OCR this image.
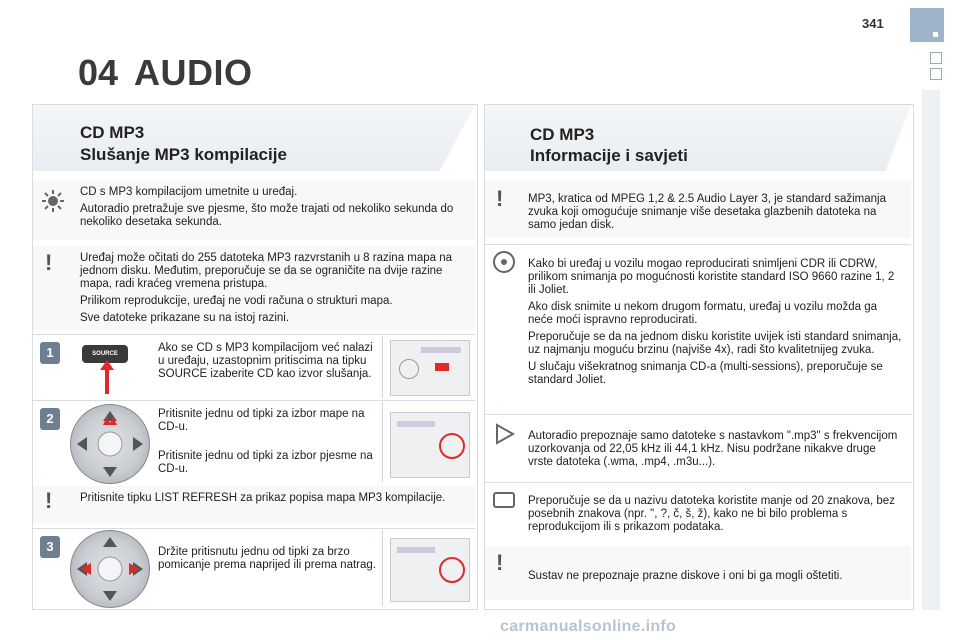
341
04 AUDIO
CD MP3
Slušanje MP3 kompilacije

CD s MP3 kompilacijom umetnite u uređaj.

Autoradio pretražuje sve pjesme, što može trajati od nekoliko sekunda do nekoliko desetaka sekunda.

! Uređaj može očitati do 255 datoteka MP3 razvrstanih u 8 razina mapa na jednom disku. Međutim, preporučuje se da se ograničite na dvije razine mapa, radi kraćeg vremena pristupa.

Prilikom reprodukcije, uređaj ne vodi računa o strukturi mapa.

Sve datoteke prikazane su na istoj razini.

1	SOURCE	Ako se CD s MP3 kompilacijom već nalazi u uređaju, uzastopnim pritiscima na tipku SOURCE izaberite CD kao izvor slušanja.
2	Pritisnite jednu od tipki za izbor mape na CD-u.
Pritisnite jednu od tipki za izbor pjesme na CD-u.
! Pritisnite tipku LIST REFRESH za prikaz popisa mapa MP3 kompilacije.
3	Držite pritisnutu jednu od tipki za brzo pomicanje prema naprijed ili prema natrag.
CD MP3
Informacije i savjeti
! MP3, kratica od MPEG 1,2 & 2.5 Audio Layer 3, je standard sažimanja zvuka koji omogućuje snimanje više desetaka glazbenih datoteka na samo jedan disk.

Kako bi uređaj u vozilu mogao reproducirati snimljeni CDR ili CDRW, prilikom snimanja po mogućnosti koristite standard ISO 9660 razine 1, 2 ili Joliet.

Ako disk snimite u nekom drugom formatu, uređaj u vozilu možda ga neće moći ispravno reproducirati.

Preporučuje se da na jednom disku koristite uvijek isti standard snimanja, uz najmanju moguću brzinu (najviše 4x), radi što kvalitetnijeg zvuka.

U slučaju višekratnog snimanja CD-a (multi-sessions), preporučuje se standard Joliet.

Autoradio prepoznaje samo datoteke s nastavkom ".mp3" s frekvencijom uzorkovanja od 22,05 kHz ili 44,1 kHz. Nisu podržane nikakve druge vrste datoteka (.wma, .mp4, .m3u...).
Preporučuje se da u nazivu datoteka koristite manje od 20 znakova, bez posebnih znakova (npr. ", ?, č, š, ž), kako ne bi bilo problema s reprodukcijom ili s prikazom podataka.
!
Sustav ne prepoznaje prazne diskove i oni bi ga mogli oštetiti.
carmanualsonline.info
